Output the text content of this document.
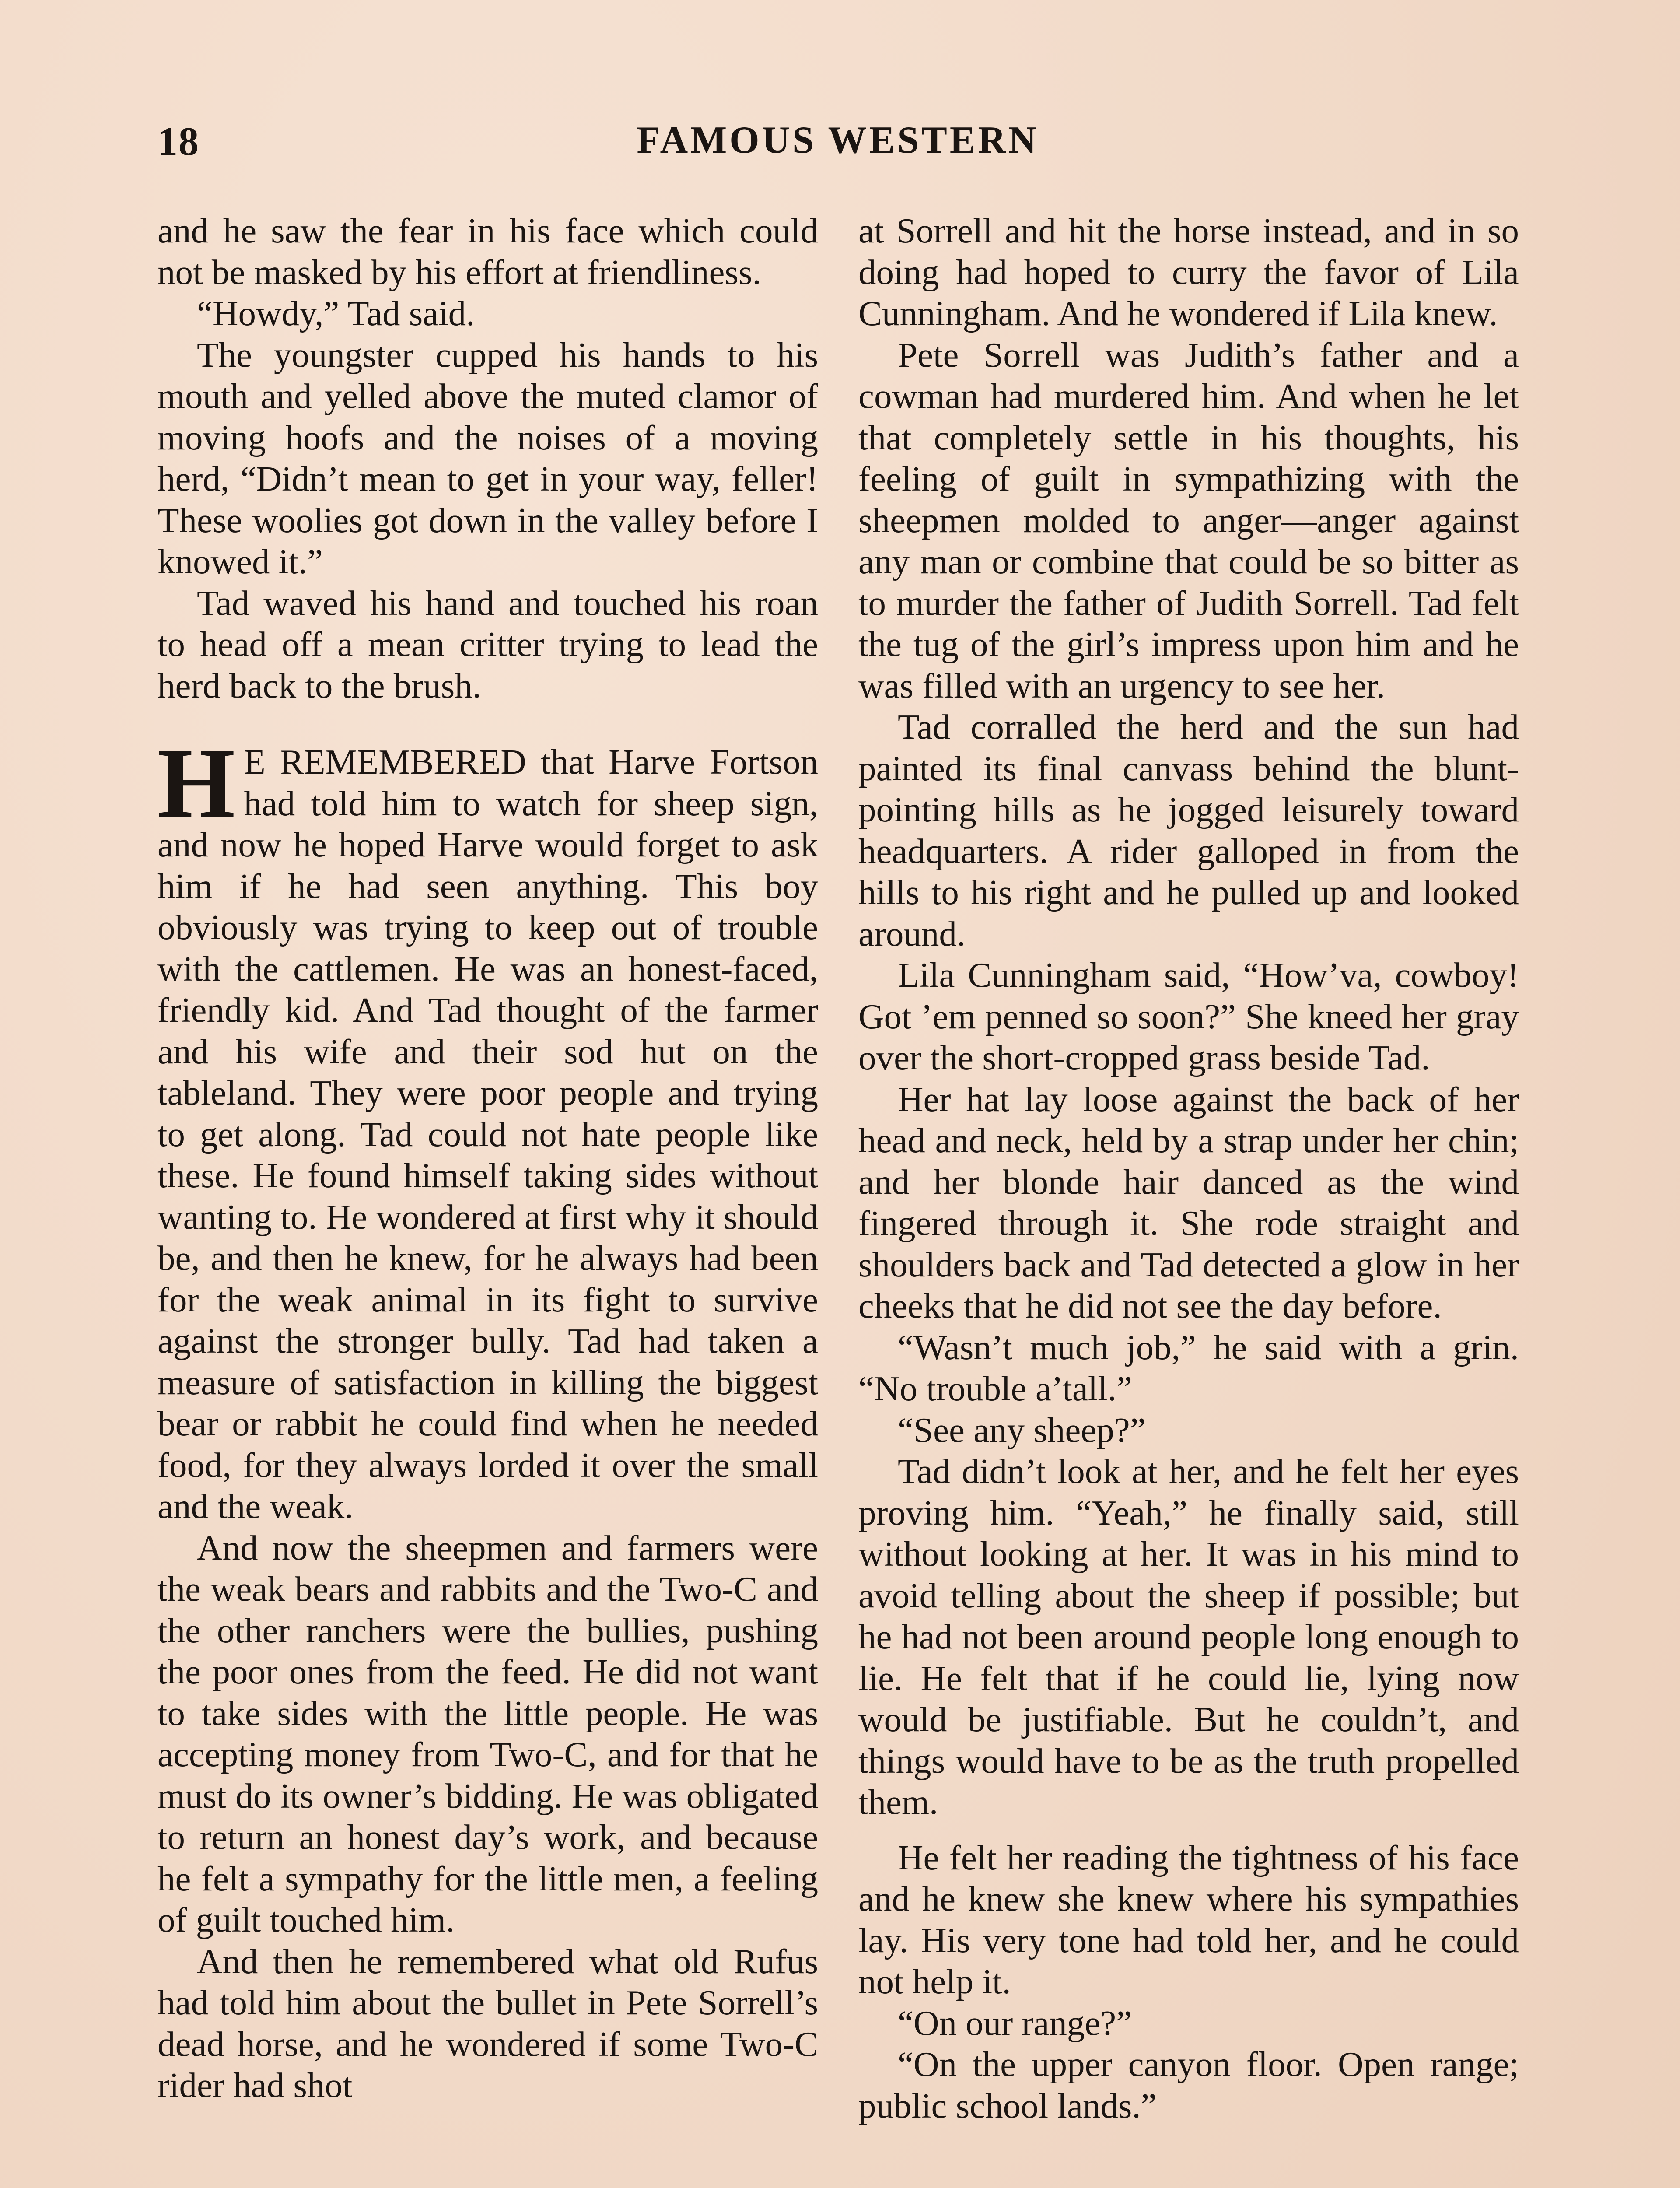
18	FAMOUS WESTERN

and he saw the fear in his face which could not be masked by his effort at friendliness.

“Howdy,” Tad said.

The youngster cupped his hands to his mouth and yelled above the muted clamor of moving hoofs and the noises of a moving herd, “Didn’t mean to get in your way, feller! These woolies got down in the valley before I knowed it.”

Tad waved his hand and touched his roan to head off a mean critter trying to lead the herd back to the brush.

H E REMEMBERED that Harve Fortson had told him to watch for sheep sign, and now he hoped Harve would forget to ask him if he had seen anything. This boy obviously was trying to keep out of trouble with the cattlemen. He was an honest-faced, friendly kid. And Tad thought of the farmer and his wife and their sod hut on the tableland. They were poor people and trying to get along. Tad could not hate people like these. He found himself taking sides without wanting to. He wondered at first why it should be, and then he knew, for he always had been for the weak animal in its fight to survive against the stronger bully. Tad had taken a measure of satisfaction in killing the biggest bear or rabbit he could find when he needed food, for they always lorded it over the small and the weak.

And now the sheepmen and farmers were the weak bears and rabbits and the Two-C and the other ranchers were the bullies, pushing the poor ones from the feed. He did not want to take sides with the little people. He was accepting money from Two-C, and for that he must do its owner’s bidding. He was obligated to return an honest day’s work, and because he felt a sympathy for the little men, a feeling of guilt touched him.

And then he remembered what old Rufus had told him about the bullet in Pete Sorrell’s dead horse, and he wondered if some Two-C rider had shot

at Sorrell and hit the horse instead, and in so doing had hoped to curry the favor of Lila Cunningham. And he wondered if Lila knew.

Pete Sorrell was Judith’s father and a cowman had murdered him. And when he let that completely settle in his thoughts, his feeling of guilt in sympathizing with the sheepmen molded to anger—anger against any man or combine that could be so bitter as to murder the father of Judith Sorrell. Tad felt the tug of the girl’s impress upon him and he was filled with an urgency to see her.

Tad corralled the herd and the sun had painted its final canvass behind the blunt-pointing hills as he jogged leisurely toward headquarters. A rider galloped in from the hills to his right and he pulled up and looked around.

Lila Cunningham said, “How’va, cowboy! Got ’em penned so soon?” She kneed her gray over the short-cropped grass beside Tad.

Her hat lay loose against the back of her head and neck, held by a strap under her chin; and her blonde hair danced as the wind fingered through it. She rode straight and shoulders back and Tad detected a glow in her cheeks that he did not see the day before.

“Wasn’t much job,” he said with a grin. “No trouble a’tall.”

“See any sheep?”

Tad didn’t look at her, and he felt her eyes proving him. “Yeah,” he finally said, still without looking at her. It was in his mind to avoid telling about the sheep if possible; but he had not been around people long enough to lie. He felt that if he could lie, lying now would be justifiable. But he couldn’t, and things would have to be as the truth propelled them.

He felt her reading the tightness of his face and he knew she knew where his sympathies lay. His very tone had told her, and he could not help it.

“On our range?”

“On the upper canyon floor. Open range; public school lands.”
